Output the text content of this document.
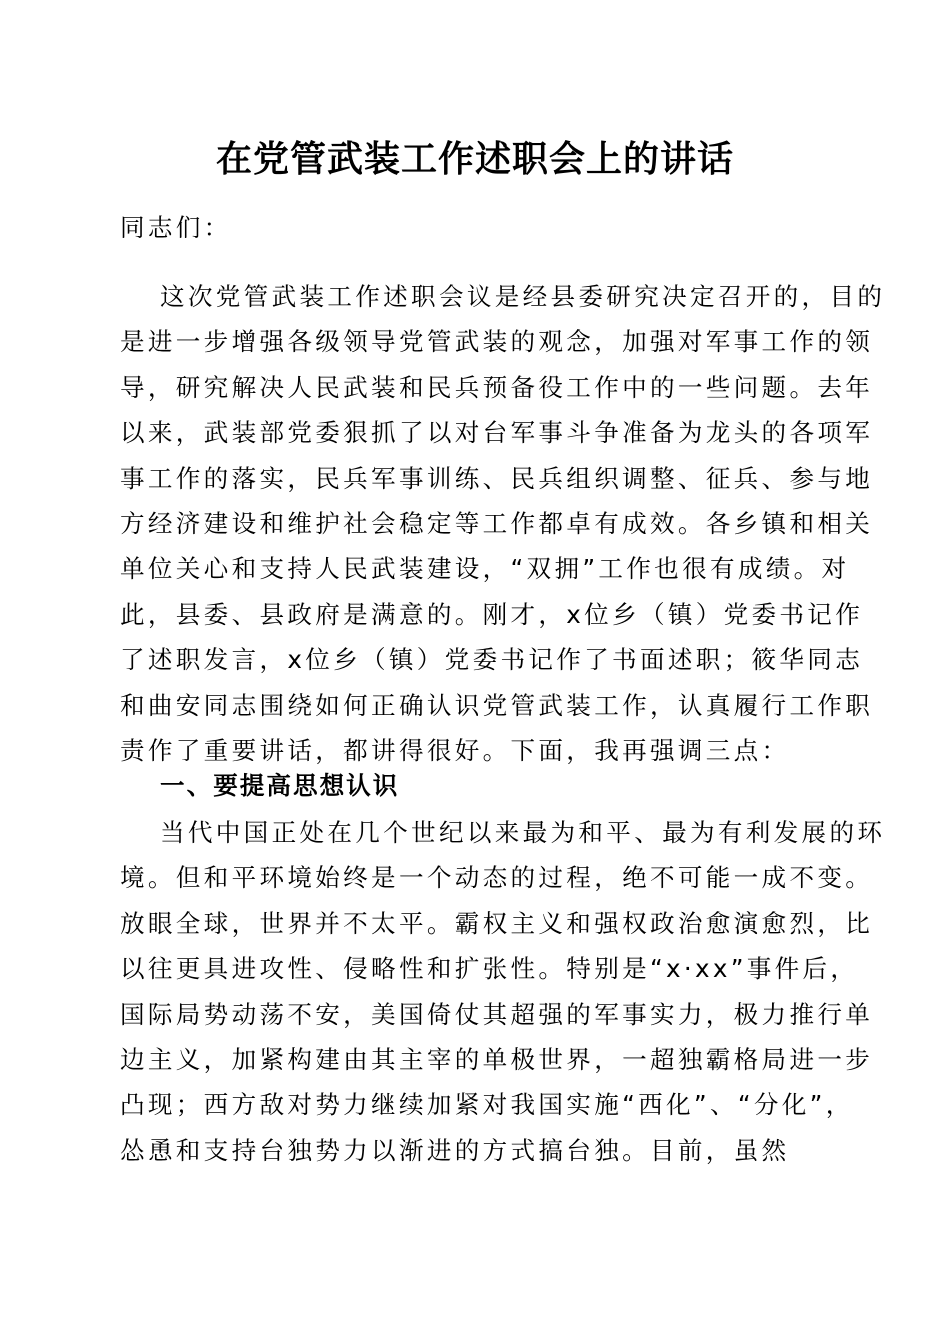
在党管武装工作述职会上的讲话
同志们：
这次党管武装工作述职会议是经县委研究决定召开的，目的
是进一步增强各级领导党管武装的观念，加强对军事工作的领
导，研究解决人民武装和民兵预备役工作中的一些问题。去年
以来，武装部党委狠抓了以对台军事斗争准备为龙头的各项军
事工作的落实，民兵军事训练、民兵组织调整、征兵、参与地
方经济建设和维护社会稳定等工作都卓有成效。各乡镇和相关
单位关心和支持人民武装建设，“双拥”工作也很有成绩。对
此，县委、县政府是满意的。刚才，x位乡（镇）党委书记作
了述职发言，x位乡（镇）党委书记作了书面述职；筱华同志
和曲安同志围绕如何正确认识党管武装工作，认真履行工作职
责作了重要讲话，都讲得很好。下面，我再强调三点：
一、要提高思想认识
当代中国正处在几个世纪以来最为和平、最为有利发展的环
境。但和平环境始终是一个动态的过程，绝不可能一成不变。
放眼全球，世界并不太平。霸权主义和强权政治愈演愈烈，比
以往更具进攻性、侵略性和扩张性。特别是“x·xx”事件后，
国际局势动荡不安，美国倚仗其超强的军事实力，极力推行单
边主义，加紧构建由其主宰的单极世界，一超独霸格局进一步
凸现；西方敌对势力继续加紧对我国实施“西化”、“分化”，
怂恿和支持台独势力以渐进的方式搞台独。目前，虽然
